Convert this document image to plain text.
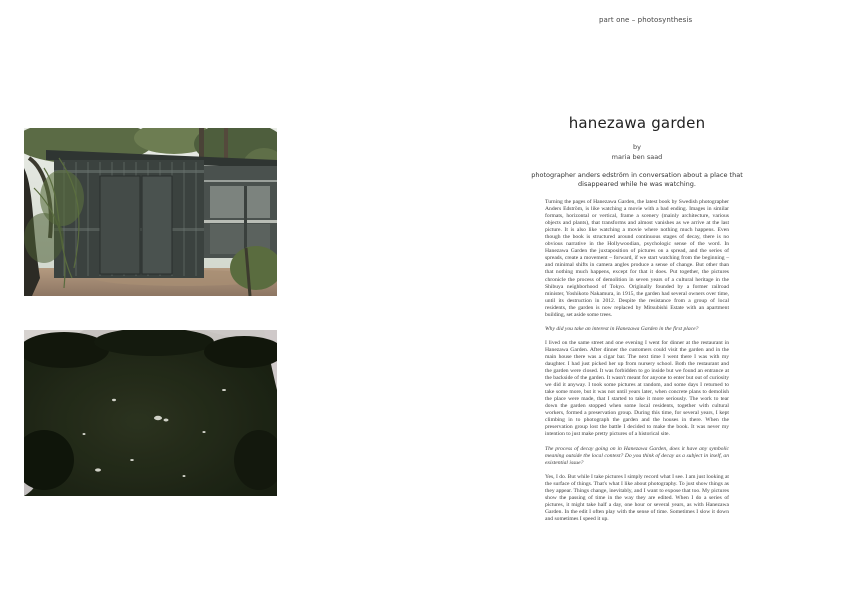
part one – photosynthesis
hanezawa garden
by
maria ben saad
photographer anders edström in conversation about a place that disappeared while he was watching.

Turning the pages of Hanezawa Garden, the latest book by Swedish photographer Anders Edström, is like watching a movie with a bad ending. Images in similar formats, horizontal or vertical, frame a scenery (mainly architecture, various objects and plants), that transforms and almost vanishes as we arrive at the last picture. It is also like watching a movie where nothing much happens. Even though the book is structured around continuous stages of decay, there is no obvious narrative in the Hollywoodian, psychologic sense of the word. In Hanezawa Garden the juxtaposition of pictures on a spread, and the series of spreads, create a movement – forward, if we start watching from the beginning – and minimal shifts in camera angles produce a sense of change. But other than that nothing much happens, except for that it does. Put together, the pictures chronicle the process of demolition in seven years of a cultural heritage in the Shibuya neighborhood of Tokyo. Originally founded by a former railroad minister, Yoshikoto Nakamura, in 1915, the garden had several owners over time, until its destruction in 2012. Despite the resistance from a group of local residents, the garden is now replaced by Mitsubishi Estate with an apartment building, set aside some trees.

Why did you take an interest in Hanezawa Garden in the first place?

I lived on the same street and one evening I went for dinner at the restaurant in Hanezawa Garden. After dinner the customers could visit the garden and in the main house there was a cigar bar. The next time I went there I was with my daughter. I had just picked her up from nursery school. Both the restaurant and the garden were closed. It was forbidden to go inside but we found an entrance at the backside of the garden. It wasn't meant for anyone to enter but out of curiosity we did it anyway. I took some pictures at random, and some days I returned to take some more, but it was not until years later, when concrete plans to demolish the place were made, that I started to take it more seriously. The work to tear down the garden stopped when some local residents, together with cultural workers, formed a preservation group. During this time, for several years, I kept climbing in to photograph the garden and the houses in there. When the preservation group lost the battle I decided to make the book. It was never my intention to just make pretty pictures of a historical site.

The process of decay going on in Hanezawa Garden, does it have any symbolic meaning outside the local context? Do you think of decay as a subject in itself, an existential issue?

Yes, I do. But while I take pictures I simply record what I see. I am just looking at the surface of things. That's what I like about photography. To just show things as they appear. Things change, inevitably, and I want to expose that too. My pictures show the passing of time in the way they are edited. When I do a series of pictures, it might take half a day, one hour or several years, as with Hanezawa Garden. In the edit I often play with the sense of time. Sometimes I slow it down and sometimes I speed it up.
